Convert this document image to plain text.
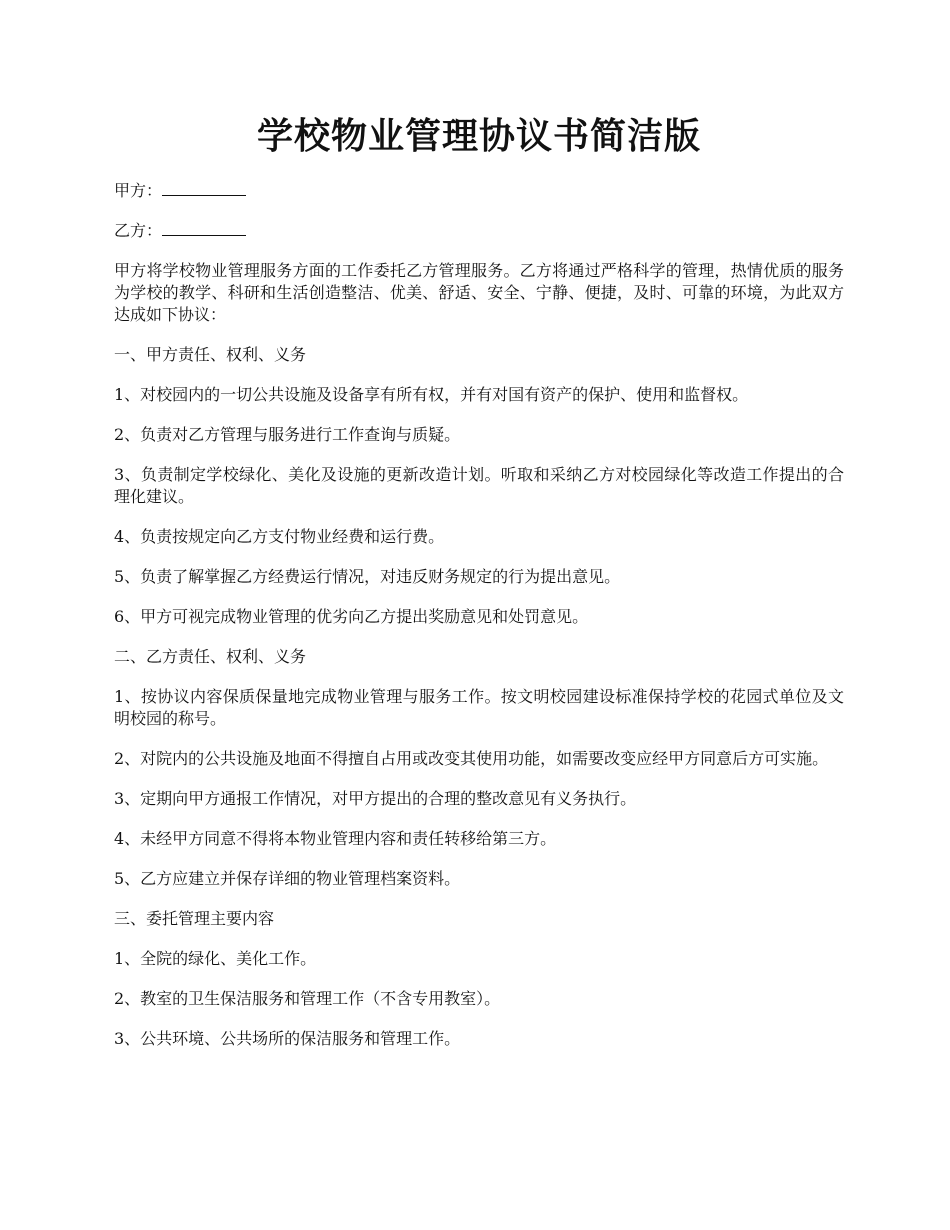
学校物业管理协议书简洁版
甲方：
乙方：

甲方将学校物业管理服务方面的工作委托乙方管理服务。乙方将通过严格科学的管理，热情优质的服务为学校的教学、科研和生活创造整洁、优美、舒适、安全、宁静、便捷，及时、可靠的环境，为此双方达成如下协议：

一、甲方责任、权利、义务

1、对校园内的一切公共设施及设备享有所有权，并有对国有资产的保护、使用和监督权。

2、负责对乙方管理与服务进行工作查询与质疑。

3、负责制定学校绿化、美化及设施的更新改造计划。听取和采纳乙方对校园绿化等改造工作提出的合理化建议。

4、负责按规定向乙方支付物业经费和运行费。

5、负责了解掌握乙方经费运行情况，对违反财务规定的行为提出意见。

6、甲方可视完成物业管理的优劣向乙方提出奖励意见和处罚意见。

二、乙方责任、权利、义务

1、按协议内容保质保量地完成物业管理与服务工作。按文明校园建设标准保持学校的花园式单位及文明校园的称号。

2、对院内的公共设施及地面不得擅自占用或改变其使用功能，如需要改变应经甲方同意后方可实施。

3、定期向甲方通报工作情况，对甲方提出的合理的整改意见有义务执行。

4、未经甲方同意不得将本物业管理内容和责任转移给第三方。

5、乙方应建立并保存详细的物业管理档案资料。

三、委托管理主要内容

1、全院的绿化、美化工作。

2、教室的卫生保洁服务和管理工作（不含专用教室）。

3、公共环境、公共场所的保洁服务和管理工作。
